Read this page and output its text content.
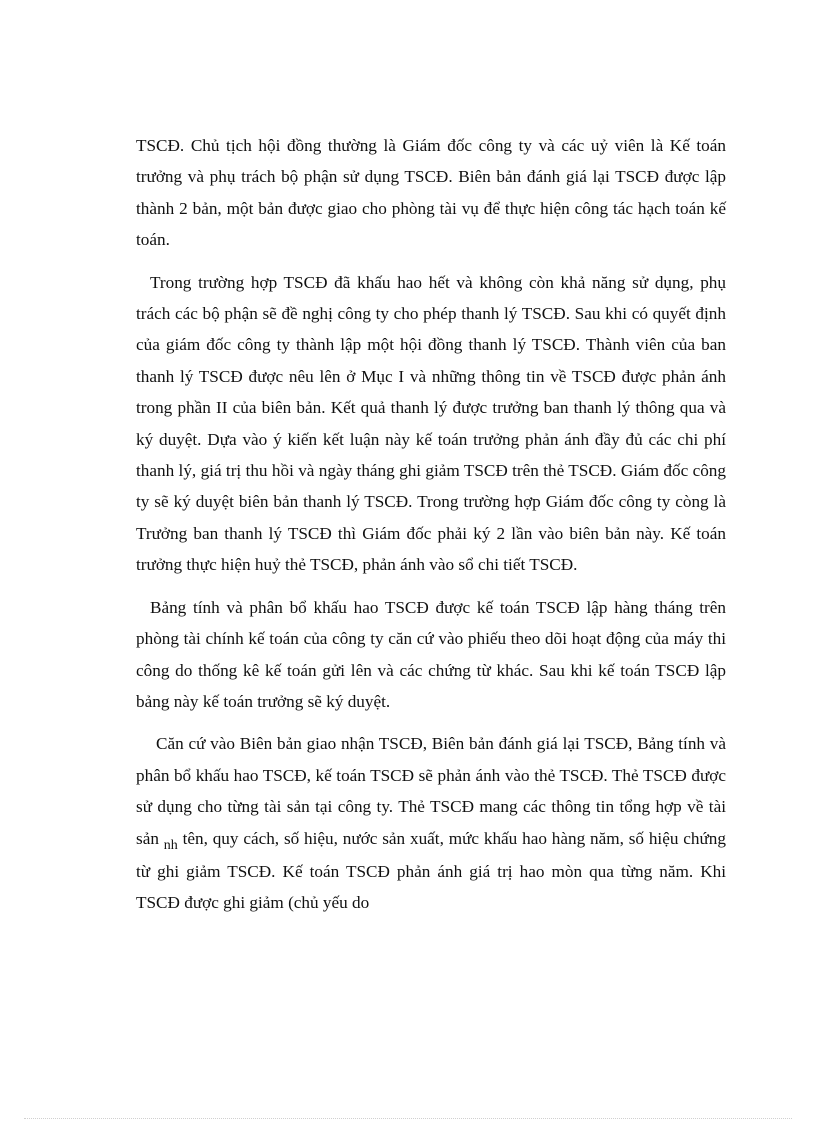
TSCĐ. Chủ tịch hội đồng thường là Giám đốc công ty và các uỷ viên là Kế toán trưởng và phụ trách bộ phận sử dụng TSCĐ. Biên bản đánh giá lại TSCĐ được lập thành 2 bản, một bản được giao cho phòng tài vụ để thực hiện công tác hạch toán kế toán.

Trong trường hợp TSCĐ đã khấu hao hết và không còn khả năng sử dụng, phụ trách các bộ phận sẽ đề nghị công ty cho phép thanh lý TSCĐ. Sau khi có quyết định của giám đốc công ty thành lập một hội đồng thanh lý TSCĐ. Thành viên của ban thanh lý TSCĐ được nêu lên ở Mục I và những thông tin về TSCĐ được phản ánh trong phần II của biên bản. Kết quả thanh lý được trưởng ban thanh lý thông qua và ký duyệt. Dựa vào ý kiến kết luận này kế toán trưởng phản ánh đầy đủ các chi phí thanh lý, giá trị thu hồi và ngày tháng ghi giảm TSCĐ trên thẻ TSCĐ. Giám đốc công ty sẽ ký duyệt biên bản thanh lý TSCĐ. Trong trường hợp Giám đốc công ty còng là Trưởng ban thanh lý TSCĐ thì Giám đốc phải ký 2 lần vào biên bản này. Kế toán trưởng thực hiện huỷ thẻ TSCĐ, phản ánh vào sổ chi tiết TSCĐ.

Bảng tính và phân bổ khấu hao TSCĐ được kế toán TSCĐ lập hàng tháng trên phòng tài chính kế toán của công ty căn cứ vào phiếu theo dõi hoạt động của máy thi công do thống kê kế toán gửi lên và các chứng từ khác. Sau khi kế toán TSCĐ lập bảng này kế toán trưởng sẽ ký duyệt.

Căn cứ vào Biên bản giao nhận TSCĐ, Biên bản đánh giá lại TSCĐ, Bảng tính và phân bổ khấu hao TSCĐ, kế toán TSCĐ sẽ phản ánh vào thẻ TSCĐ. Thẻ TSCĐ được sử dụng cho từng tài sản tại công ty. Thẻ TSCĐ mang các thông tin tổng hợp về tài sản $_{nh}$ tên, quy cách, số hiệu, nước sản xuất, mức khấu hao hàng năm, số hiệu chứng từ ghi giảm TSCĐ. Kế toán TSCĐ phản ánh giá trị hao mòn qua từng năm. Khi TSCĐ được ghi giảm (chủ yếu do
